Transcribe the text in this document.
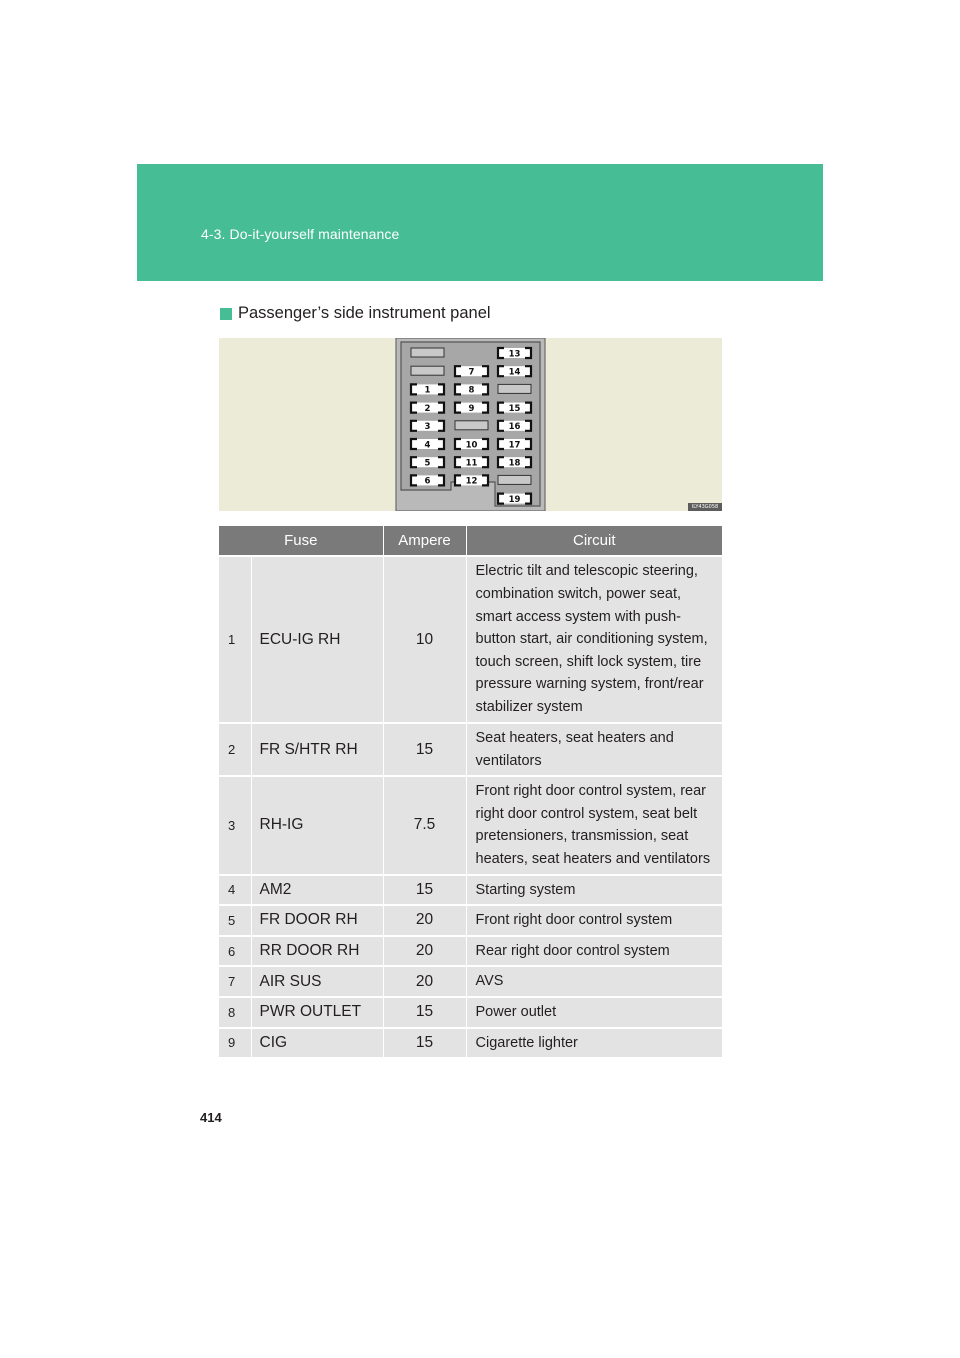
4-3. Do-it-yourself maintenance
Passenger’s side instrument panel
1
2
3
4
5
6
7
8
9
10
11
12
13
14
15
16
17
18
19
ILY43G058
Fuse		Ampere	Circuit
1	ECU-IG RH	10	Electric tilt and telescopic steering, combination switch, power seat, smart access system with push-button start, air conditioning system, touch screen, shift lock system, tire pressure warning system, front/rear stabilizer system
2	FR S/HTR RH	15	Seat heaters, seat heaters and ventilators
3	RH-IG	7.5	Front right door control system, rear right door control system, seat belt pretensioners, transmission, seat heaters, seat heaters and ventilators
4	AM2	15	Starting system
5	FR DOOR RH	20	Front right door control system
6	RR DOOR RH	20	Rear right door control system
7	AIR SUS	20	AVS
8	PWR OUTLET	15	Power outlet
9	CIG	15	Cigarette lighter
414
